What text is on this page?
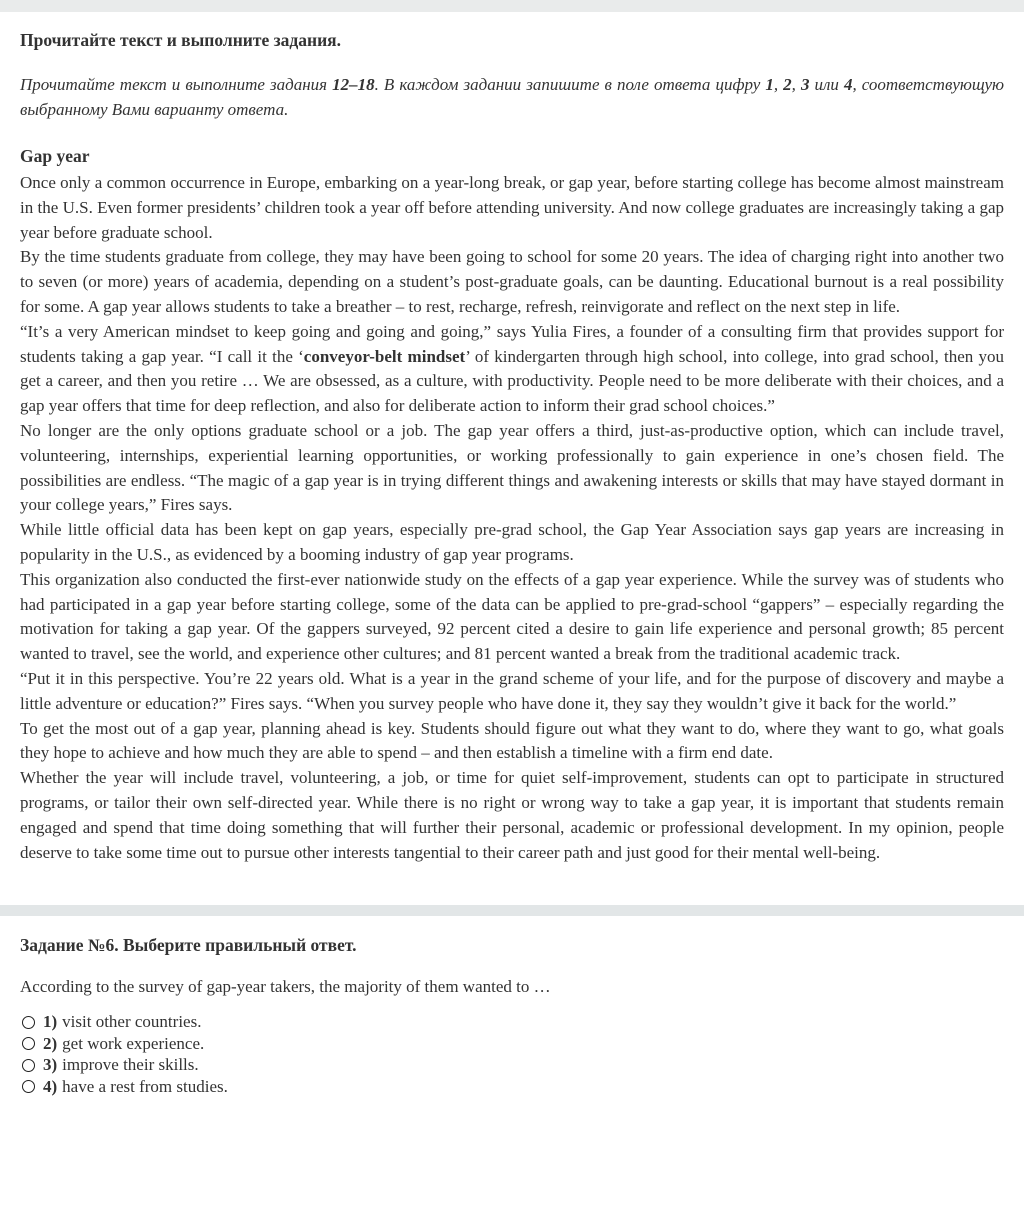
Прочитайте текст и выполните задания.

Прочитайте текст и выполните задания 12–18. В каждом задании запишите в поле ответа цифру 1, 2, 3 или 4, соответствующую выбранному Вами варианту ответа.

Gap year

Once only a common occurrence in Europe, embarking on a year-long break, or gap year, before starting college has become almost mainstream in the U.S. Even former presidents’ children took a year off before attending university. And now college graduates are increasingly taking a gap year before graduate school.

By the time students graduate from college, they may have been going to school for some 20 years. The idea of charging right into another two to seven (or more) years of academia, depending on a student’s post-graduate goals, can be daunting. Educational burnout is a real possibility for some. A gap year allows students to take a breather – to rest, recharge, refresh, reinvigorate and reflect on the next step in life.

“It’s a very American mindset to keep going and going and going,” says Yulia Fires, a founder of a consulting firm that provides support for students taking a gap year. “I call it the ‘conveyor-belt mindset’ of kindergarten through high school, into college, into grad school, then you get a career, and then you retire … We are obsessed, as a culture, with productivity. People need to be more deliberate with their choices, and a gap year offers that time for deep reflection, and also for deliberate action to inform their grad school choices.”

No longer are the only options graduate school or a job. The gap year offers a third, just-as-productive option, which can include travel, volunteering, internships, experiential learning opportunities, or working professionally to gain experience in one’s chosen field. The possibilities are endless. “The magic of a gap year is in trying different things and awakening interests or skills that may have stayed dormant in your college years,” Fires says.

While little official data has been kept on gap years, especially pre-grad school, the Gap Year Association says gap years are increasing in popularity in the U.S., as evidenced by a booming industry of gap year programs.

This organization also conducted the first-ever nationwide study on the effects of a gap year experience. While the survey was of students who had participated in a gap year before starting college, some of the data can be applied to pre-grad-school “gappers” – especially regarding the motivation for taking a gap year. Of the gappers surveyed, 92 percent cited a desire to gain life experience and personal growth; 85 percent wanted to travel, see the world, and experience other cultures; and 81 percent wanted a break from the traditional academic track.

“Put it in this perspective. You’re 22 years old. What is a year in the grand scheme of your life, and for the purpose of discovery and maybe a little adventure or education?” Fires says. “When you survey people who have done it, they say they wouldn’t give it back for the world.”

To get the most out of a gap year, planning ahead is key. Students should figure out what they want to do, where they want to go, what goals they hope to achieve and how much they are able to spend – and then establish a timeline with a firm end date.

Whether the year will include travel, volunteering, a job, or time for quiet self-improvement, students can opt to participate in structured programs, or tailor their own self-directed year. While there is no right or wrong way to take a gap year, it is important that students remain engaged and spend that time doing something that will further their personal, academic or professional development. In my opinion, people deserve to take some time out to pursue other interests tangential to their career path and just good for their mental well-being.

Задание №6. Выберите правильный ответ.

According to the survey of gap-year takers, the majority of them wanted to …

1) visit other countries.
2) get work experience.
3) improve their skills.
4) have a rest from studies.
